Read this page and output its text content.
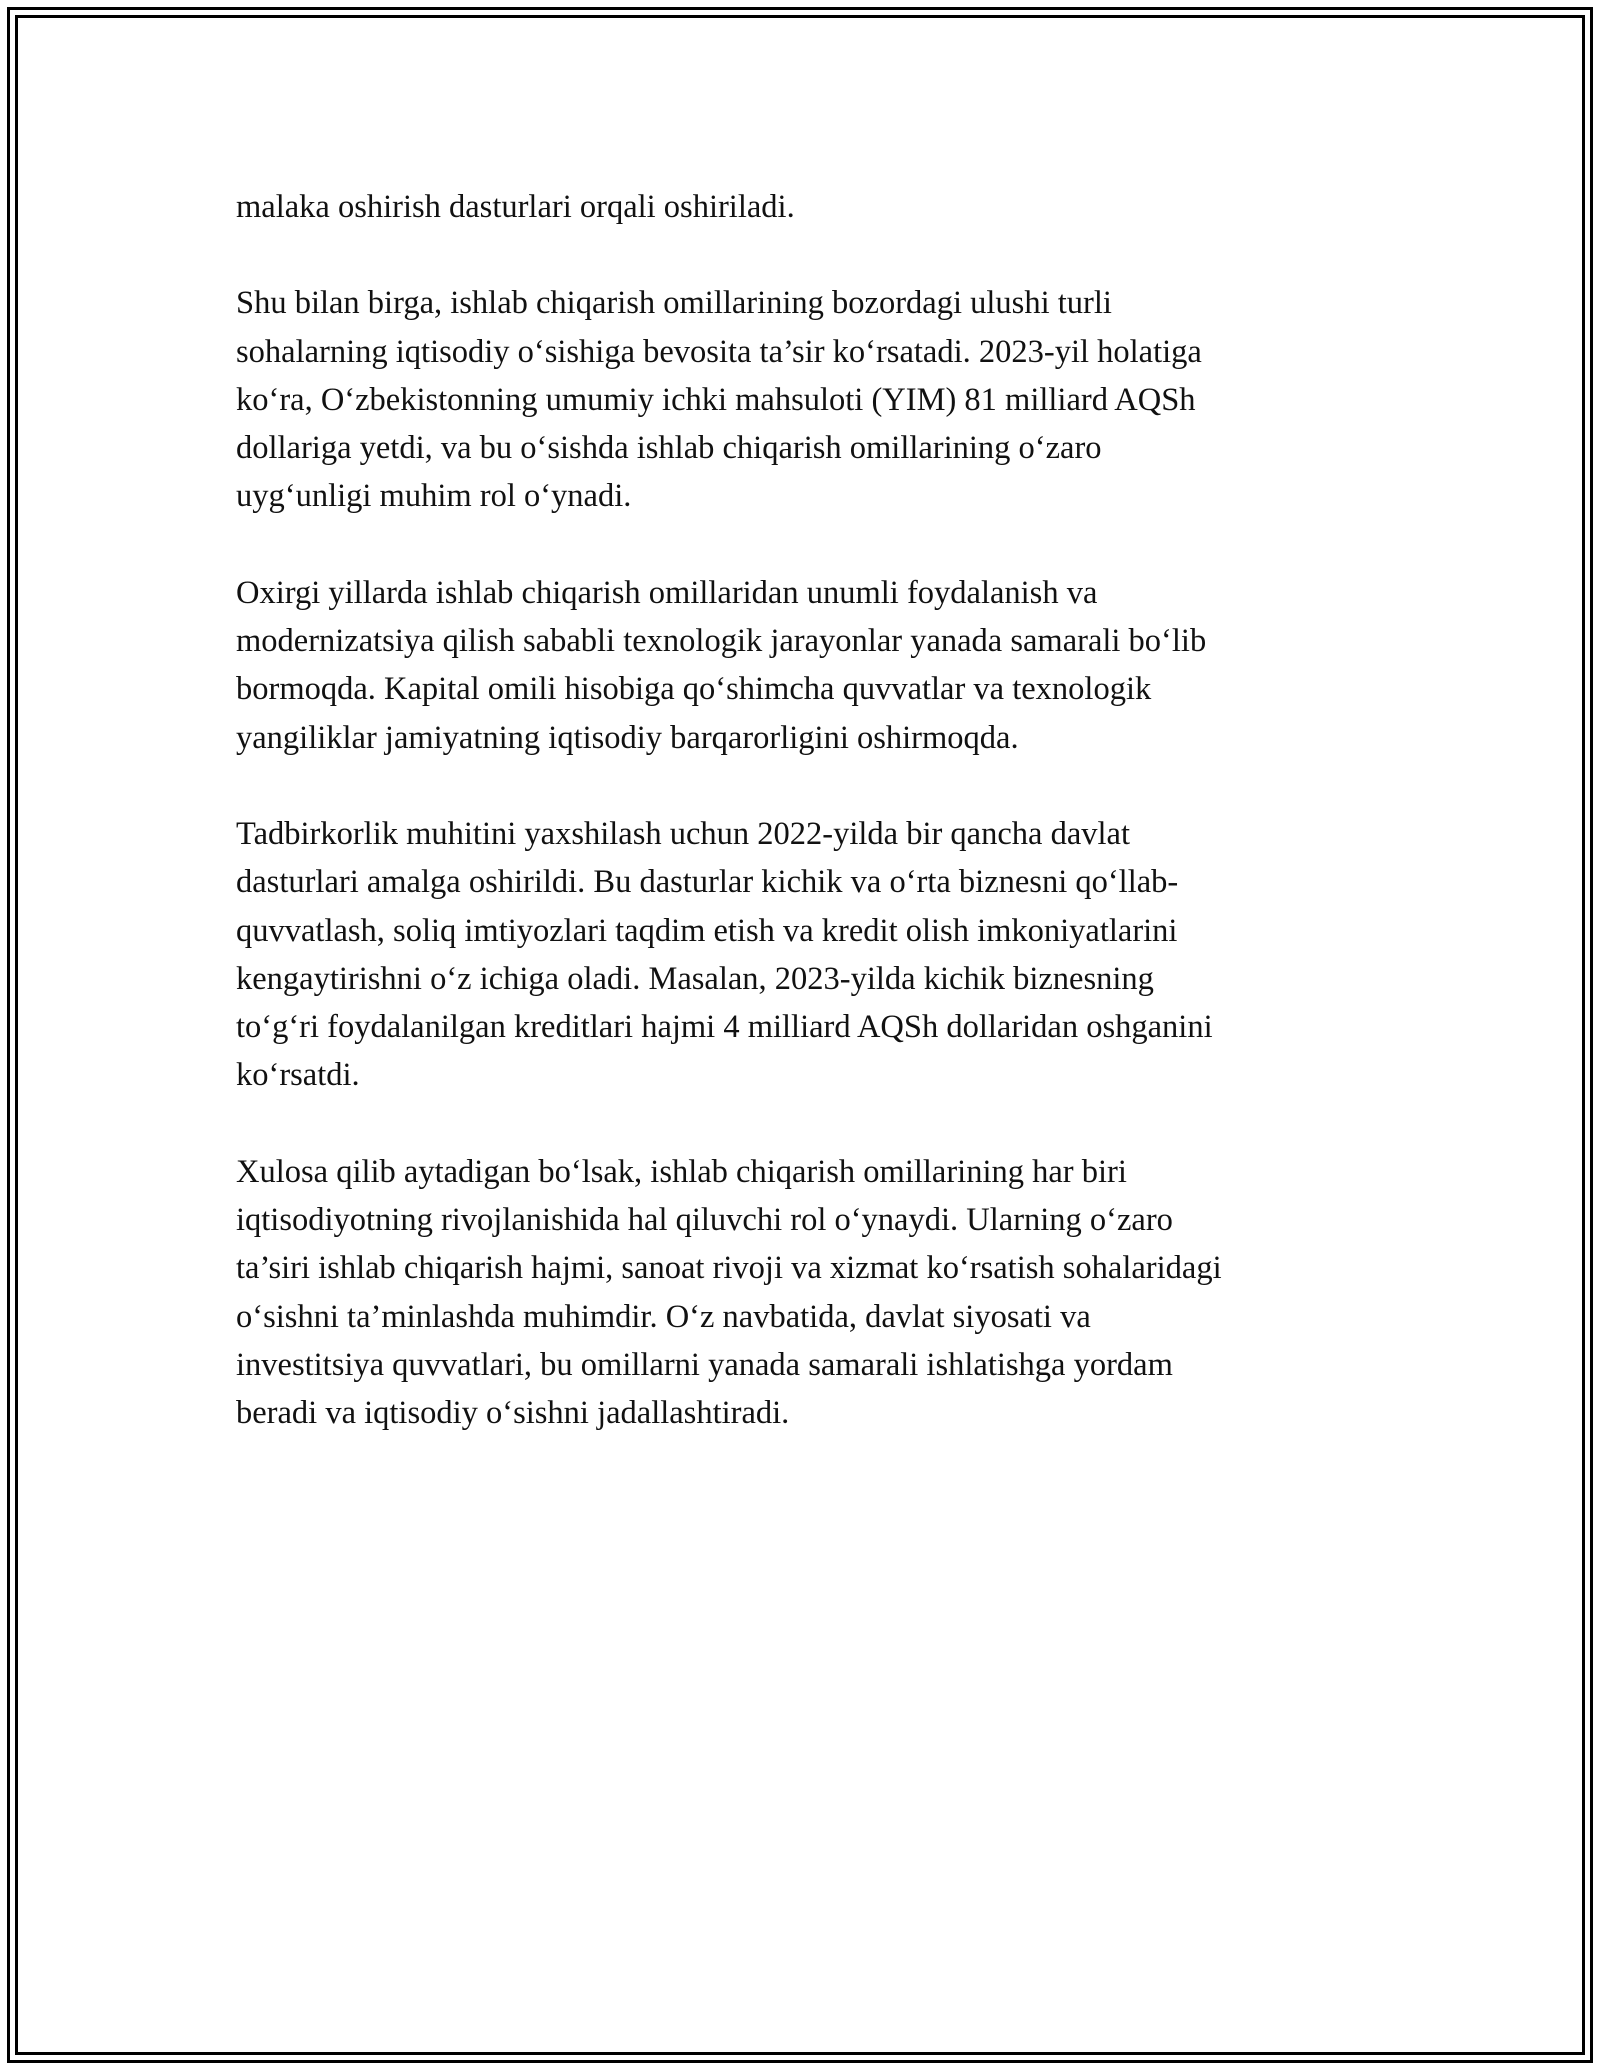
malaka oshirish dasturlari orqali oshiriladi.

Shu bilan birga, ishlab chiqarish omillarining bozordagi ulushi turli
sohalarning iqtisodiy o‘sishiga bevosita ta’sir ko‘rsatadi. 2023-yil holatiga
ko‘ra, O‘zbekistonning umumiy ichki mahsuloti (YIM) 81 milliard AQSh
dollariga yetdi, va bu o‘sishda ishlab chiqarish omillarining o‘zaro
uyg‘unligi muhim rol o‘ynadi.

Oxirgi yillarda ishlab chiqarish omillaridan unumli foydalanish va
modernizatsiya qilish sababli texnologik jarayonlar yanada samarali bo‘lib
bormoqda. Kapital omili hisobiga qo‘shimcha quvvatlar va texnologik
yangiliklar jamiyatning iqtisodiy barqarorligini oshirmoqda.

Tadbirkorlik muhitini yaxshilash uchun 2022-yilda bir qancha davlat
dasturlari amalga oshirildi. Bu dasturlar kichik va o‘rta biznesni qo‘llab-
quvvatlash, soliq imtiyozlari taqdim etish va kredit olish imkoniyatlarini
kengaytirishni o‘z ichiga oladi. Masalan, 2023-yilda kichik biznesning
to‘g‘ri foydalanilgan kreditlari hajmi 4 milliard AQSh dollaridan oshganini
ko‘rsatdi.

Xulosa qilib aytadigan bo‘lsak, ishlab chiqarish omillarining har biri
iqtisodiyotning rivojlanishida hal qiluvchi rol o‘ynaydi. Ularning o‘zaro
ta’siri ishlab chiqarish hajmi, sanoat rivoji va xizmat ko‘rsatish sohalaridagi
o‘sishni ta’minlashda muhimdir. O‘z navbatida, davlat siyosati va
investitsiya quvvatlari, bu omillarni yanada samarali ishlatishga yordam
beradi va iqtisodiy o‘sishni jadallashtiradi.
